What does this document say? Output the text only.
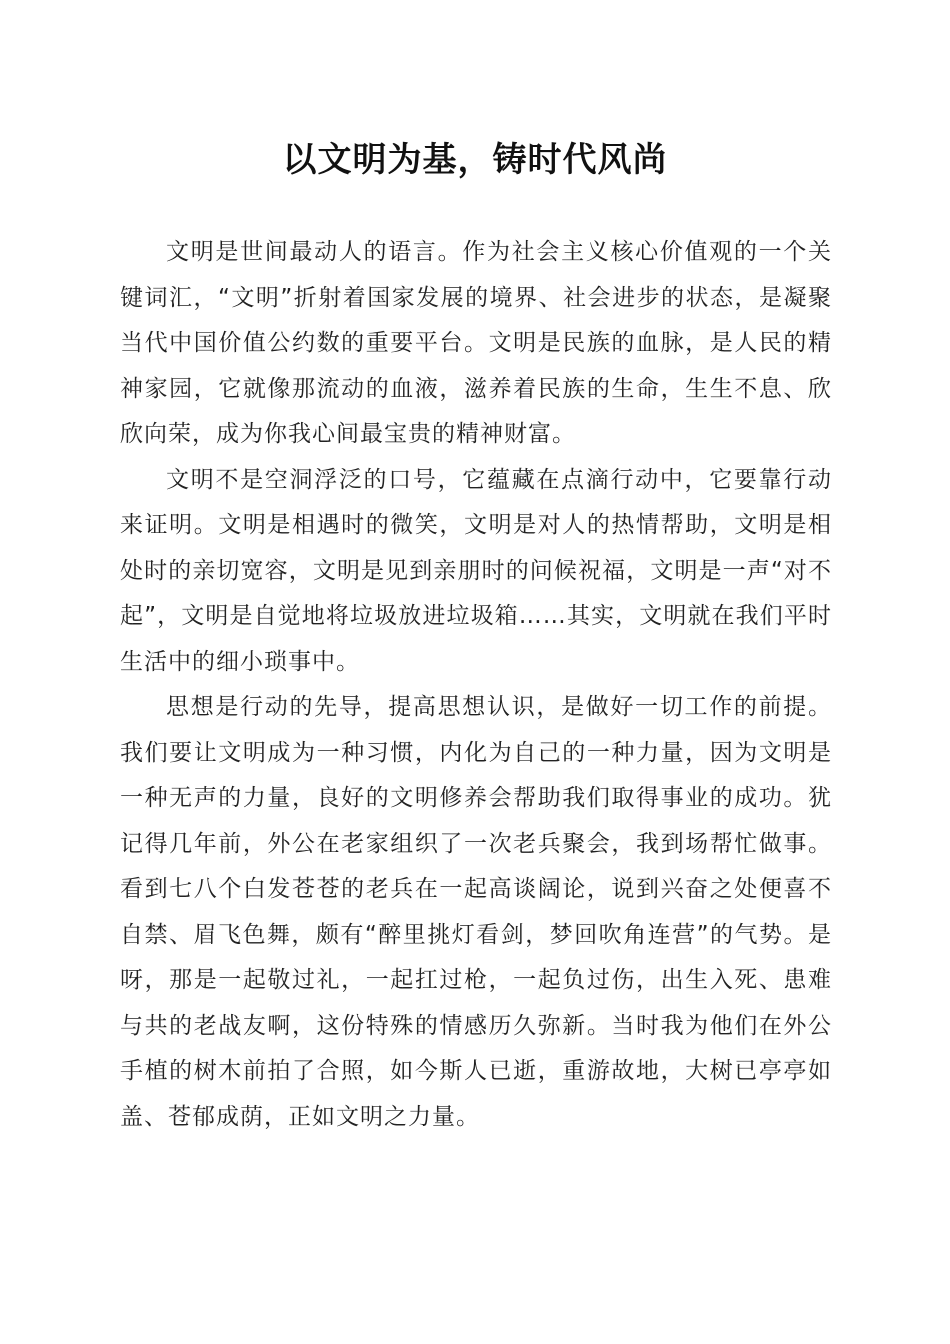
以文明为基，铸时代风尚

文明是世间最动人的语言。作为社会主义核心价值观的一个关键词汇，“文明”折射着国家发展的境界、社会进步的状态，是凝聚当代中国价值公约数的重要平台。文明是民族的血脉，是人民的精神家园，它就像那流动的血液，滋养着民族的生命，生生不息、欣欣向荣，成为你我心间最宝贵的精神财富。

文明不是空洞浮泛的口号，它蕴藏在点滴行动中，它要靠行动来证明。文明是相遇时的微笑，文明是对人的热情帮助，文明是相处时的亲切宽容，文明是见到亲朋时的问候祝福，文明是一声“对不起”，文明是自觉地将垃圾放进垃圾箱……其实，文明就在我们平时生活中的细小琐事中。

思想是行动的先导，提高思想认识，是做好一切工作的前提。我们要让文明成为一种习惯，内化为自己的一种力量，因为文明是一种无声的力量，良好的文明修养会帮助我们取得事业的成功。犹记得几年前，外公在老家组织了一次老兵聚会，我到场帮忙做事。看到七八个白发苍苍的老兵在一起高谈阔论，说到兴奋之处便喜不自禁、眉飞色舞，颇有“醉里挑灯看剑，梦回吹角连营”的气势。是呀，那是一起敬过礼，一起扛过枪，一起负过伤，出生入死、患难与共的老战友啊，这份特殊的情感历久弥新。当时我为他们在外公手植的树木前拍了合照，如今斯人已逝，重游故地，大树已亭亭如盖、苍郁成荫，正如文明之力量。
